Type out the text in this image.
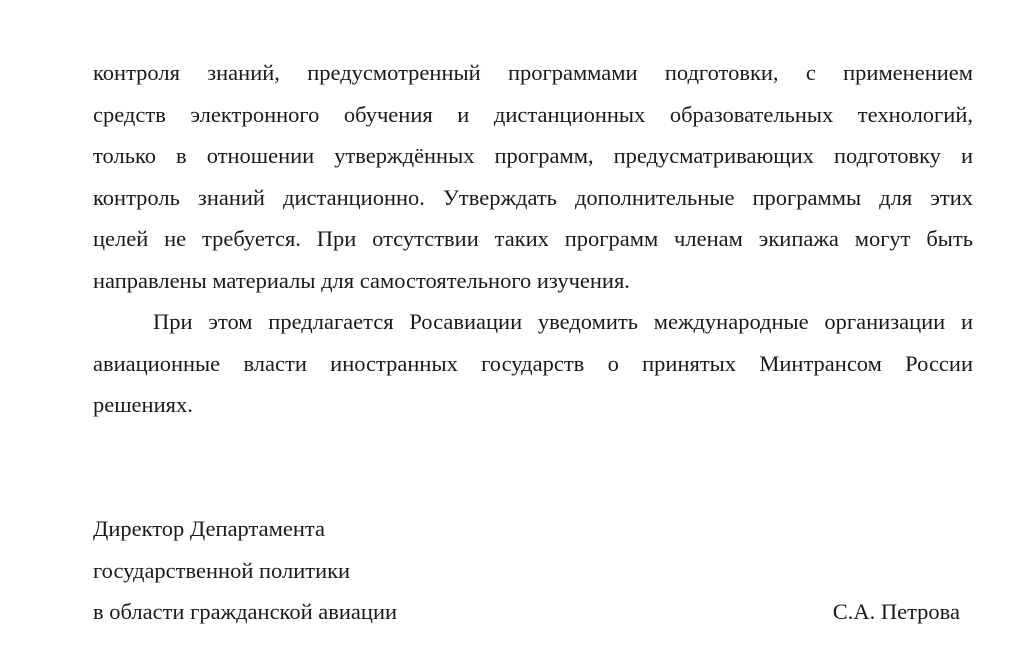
контроля знаний, предусмотренный программами подготовки, с применением
средств электронного обучения и дистанционных образовательных технологий,
только в отношении утверждённых программ, предусматривающих подготовку и
контроль знаний дистанционно. Утверждать дополнительные программы для этих
целей не требуется. При отсутствии таких программ членам экипажа могут быть
направлены материалы для самостоятельного изучения.
При этом предлагается Росавиации уведомить международные организации и
авиационные власти иностранных государств о принятых Минтрансом России
решениях.
Директор Департамента
государственной политики
в области гражданской авиации	С.А. Петрова
